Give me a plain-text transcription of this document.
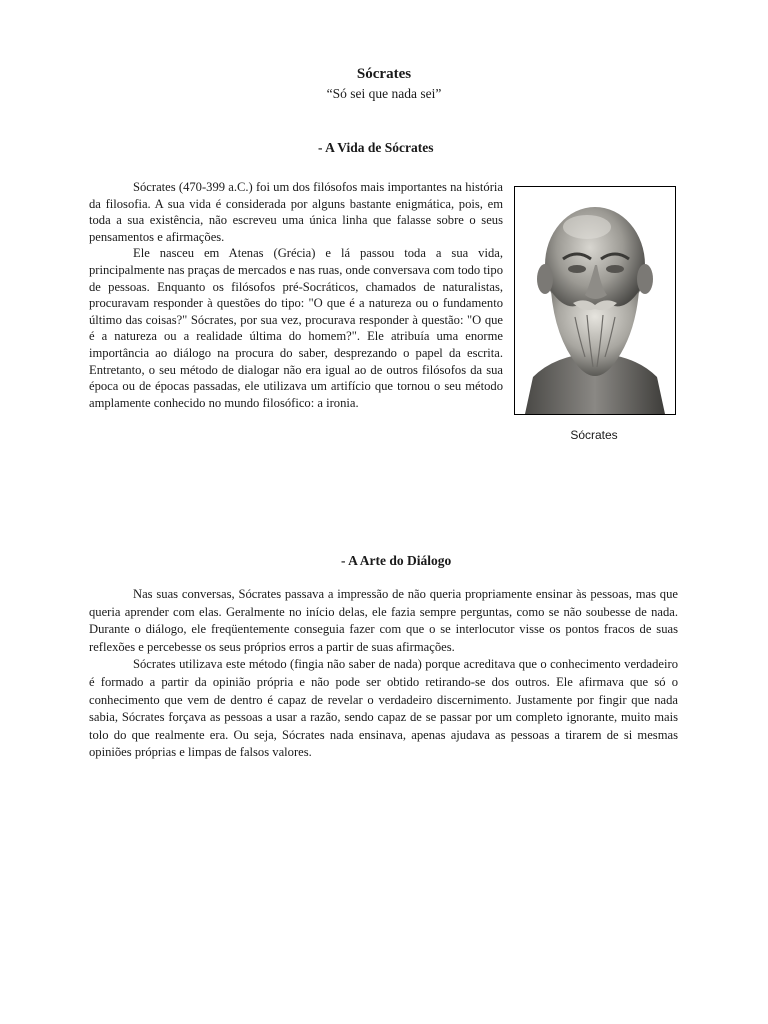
Sócrates
“Só sei que nada sei”
- A Vida de Sócrates

Sócrates (470-399 a.C.) foi um dos filósofos mais importantes na história da filosofia. A sua vida é considerada por alguns bastante enigmática, pois, em toda a sua existência, não escreveu uma única linha que falasse sobre o seus pensamentos e afirmações.

Ele nasceu em Atenas (Grécia) e lá passou toda a sua vida, principalmente nas praças de mercados e nas ruas, onde conversava com todo tipo de pessoas. Enquanto os filósofos pré-Socráticos, chamados de naturalistas, procuravam responder à questões do tipo: "O que é a natureza ou o fundamento último das coisas?" Sócrates, por sua vez, procurava responder à questão: "O que é a natureza ou a realidade última do homem?". Ele atribuía uma enorme importância ao diálogo na procura do saber, desprezando o papel da escrita. Entretanto, o seu método de dialogar não era igual ao de outros filósofos da sua época ou de épocas passadas, ele utilizava um artifício que tornou o seu método amplamente conhecido no mundo filosófico: a ironia.

Sócrates
- A Arte do Diálogo

Nas suas conversas, Sócrates passava a impressão de não queria propriamente ensinar às pessoas, mas que queria aprender com elas. Geralmente no início delas, ele fazia sempre perguntas, como se não soubesse de nada. Durante o diálogo, ele freqüentemente conseguia fazer com que o se interlocutor visse os pontos fracos de suas reflexões e percebesse os seus próprios erros a partir de suas afirmações.

Sócrates utilizava este método (fingia não saber de nada) porque acreditava que o conhecimento verdadeiro é formado a partir da opinião própria e não pode ser obtido retirando-se dos outros. Ele afirmava que só o conhecimento que vem de dentro é capaz de revelar o verdadeiro discernimento. Justamente por fingir que nada sabia, Sócrates forçava as pessoas a usar a razão, sendo capaz de se passar por um completo ignorante, muito mais tolo do que realmente era. Ou seja, Sócrates nada ensinava, apenas ajudava as pessoas a tirarem de si mesmas opiniões próprias e limpas de falsos valores.
